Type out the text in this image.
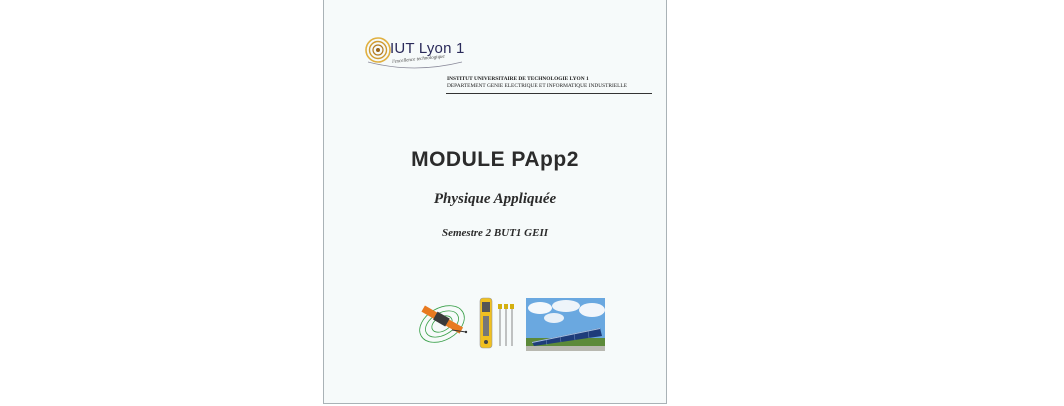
IUT Lyon 1
l'excellence technologique
INSTITUT UNIVERSITAIRE DE TECHNOLOGIE LYON 1
DEPARTEMENT GENIE ELECTRIQUE ET INFORMATIQUE INDUSTRIELLE
MODULE PApp2
Physique Appliquée
Semestre 2 BUT1 GEII
